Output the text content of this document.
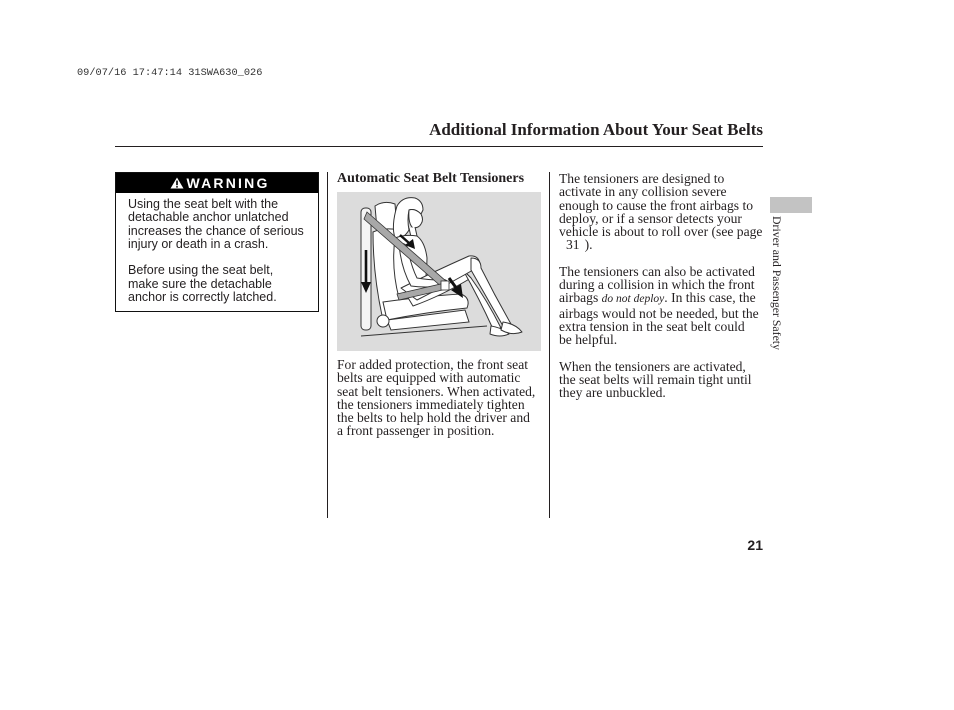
09/07/16 17:47:14 31SWA630_026
Additional Information About Your Seat Belts
WARNING
Using the seat belt with the
detachable anchor unlatched
increases the chance of serious
injury or death in a crash.
Before using the seat belt,
make sure the detachable
anchor is correctly latched.
Automatic Seat Belt Tensioners
For added protection, the front seat
belts are equipped with automatic
seat belt tensioners. When activated,
the tensioners immediately tighten
the belts to help hold the driver and
a front passenger in position.
The tensioners are designed to
activate in any collision severe
enough to cause the front airbags to
deploy, or if a sensor detects your
vehicle is about to roll over (see page
31 ).
The tensioners can also be activated
during a collision in which the front
airbags do not deploy. In this case, the
airbags would not be needed, but the
extra tension in the seat belt could
be helpful.
When the tensioners are activated,
the seat belts will remain tight until
they are unbuckled.
Driver and Passenger Safety
21
